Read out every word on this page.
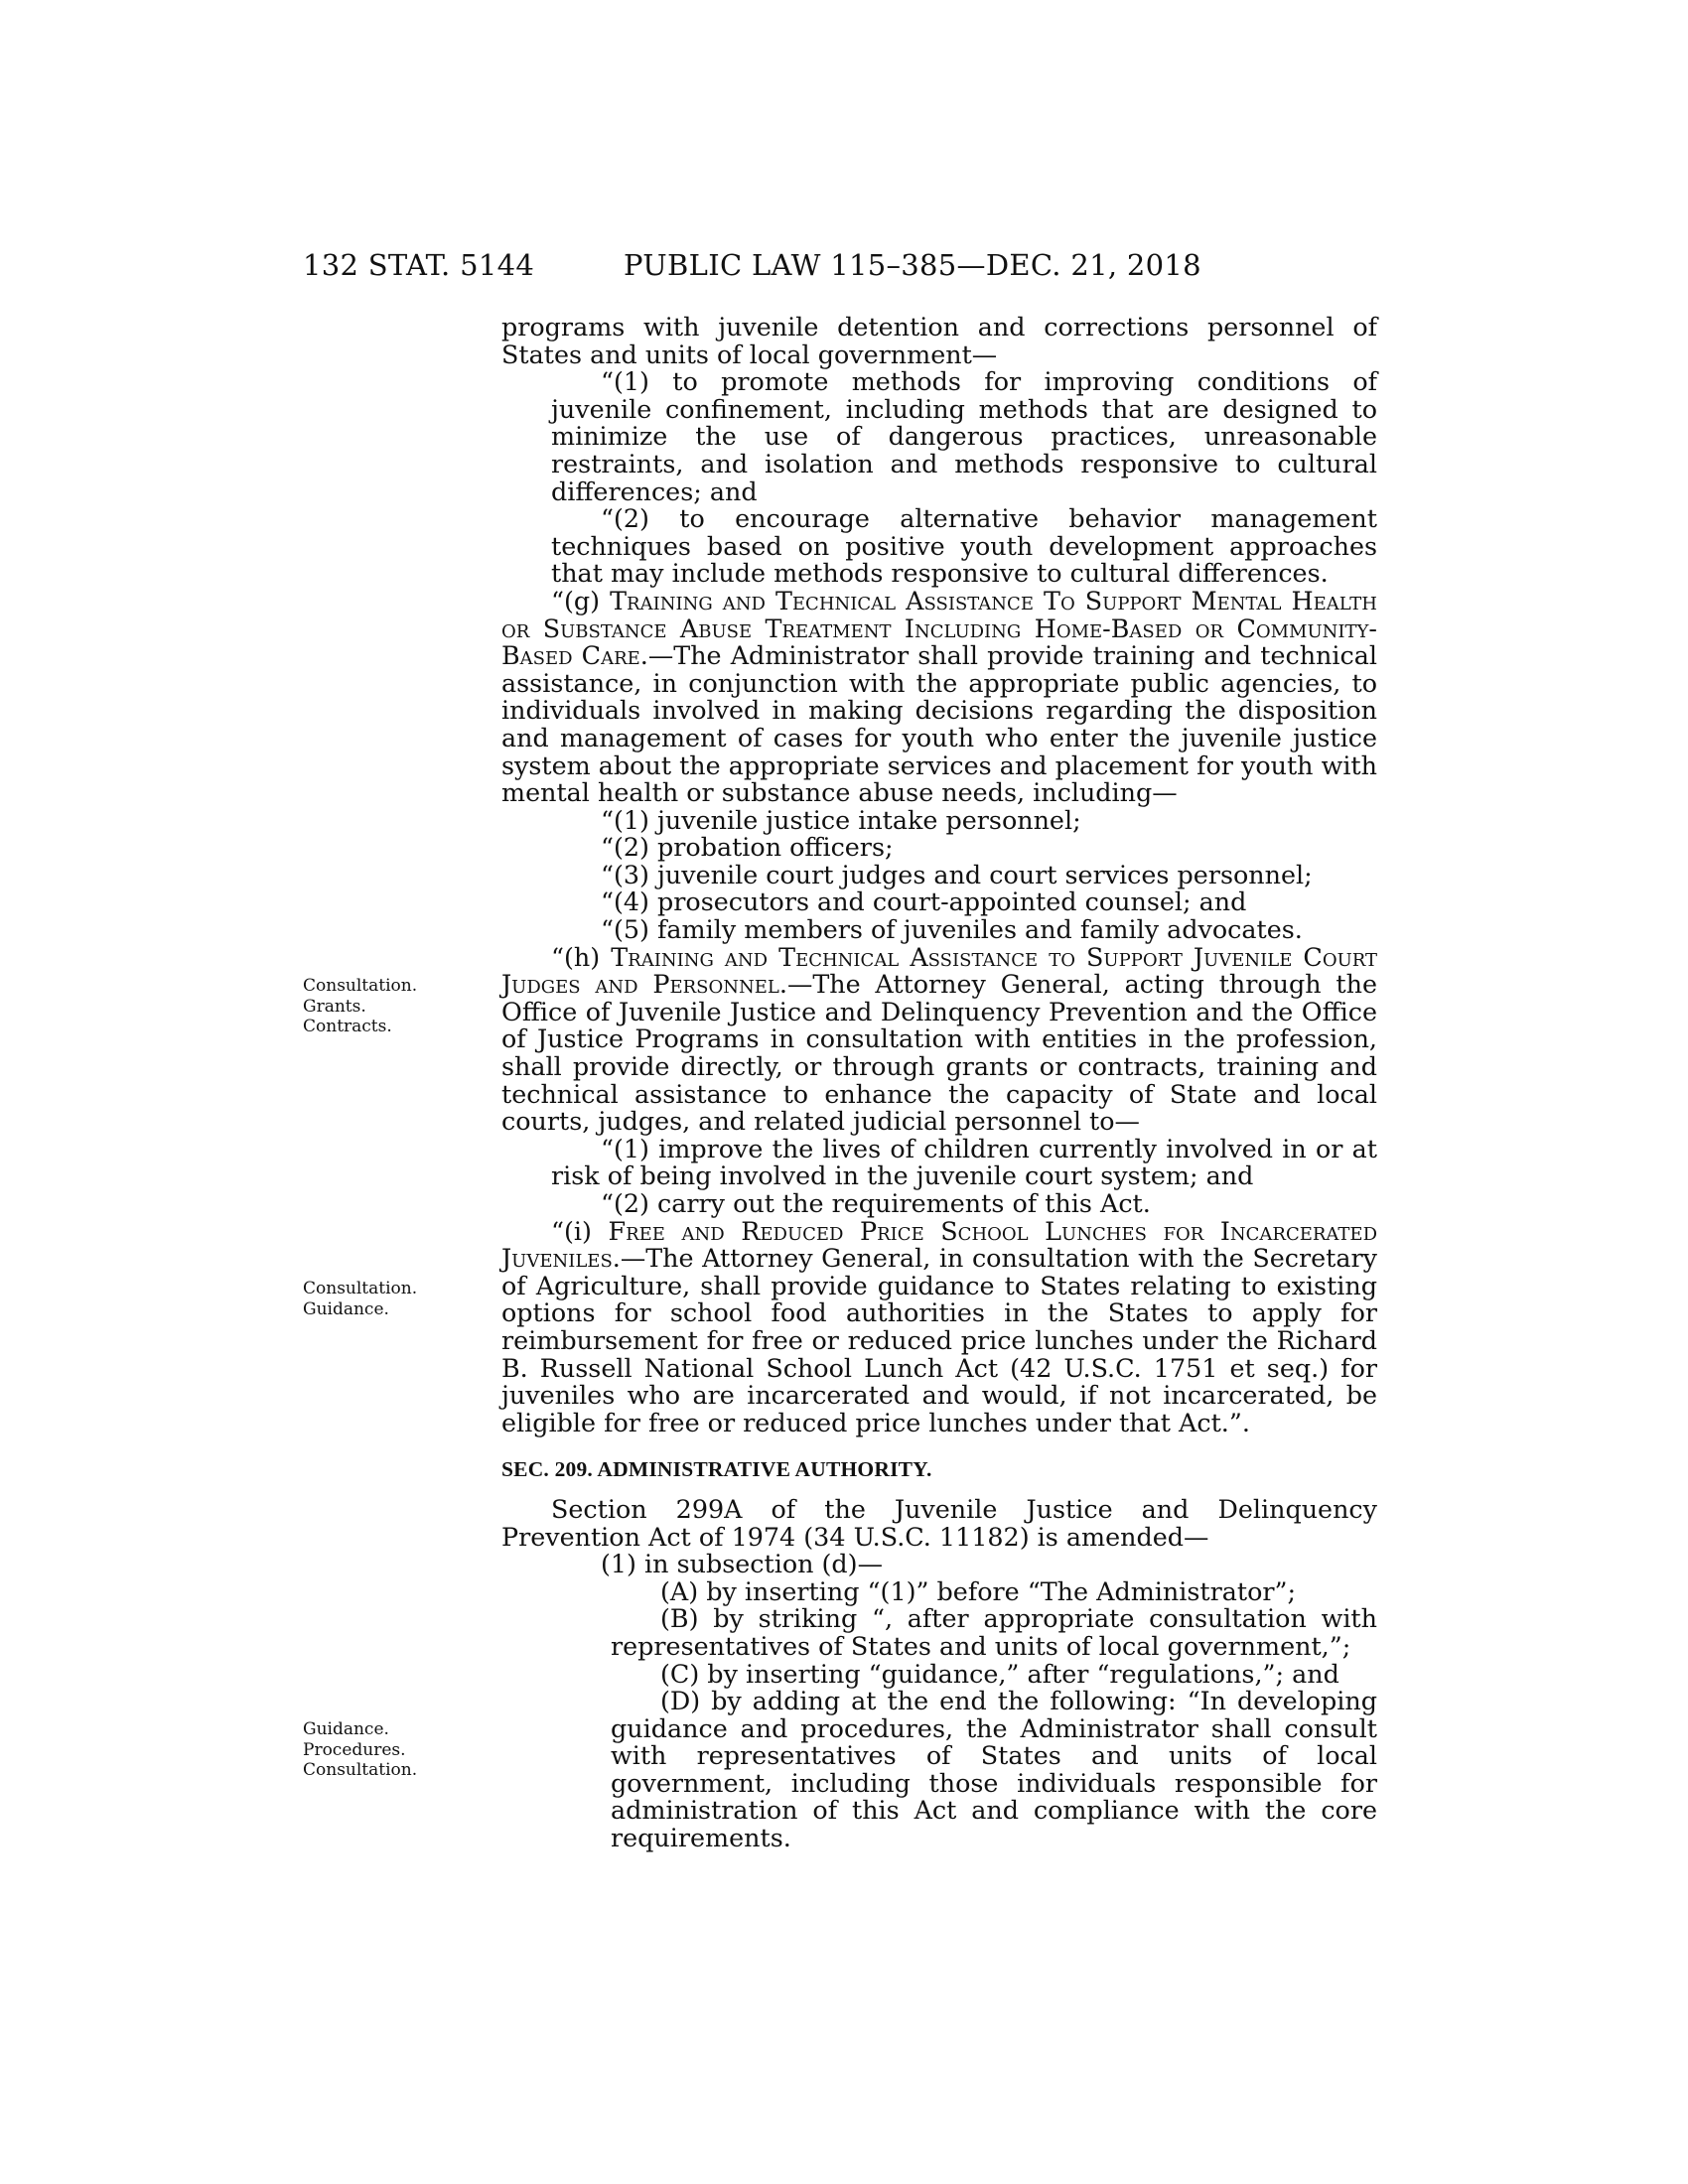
132 STAT. 5144	PUBLIC LAW 115–385—DEC. 21, 2018
Consultation.
Grants.
Contracts.
Consultation.
Guidance.
Guidance.
Procedures.
Consultation.

programs with juvenile detention and corrections personnel of States and units of local government—

“(1) to promote methods for improving conditions of juvenile confinement, including methods that are designed to minimize the use of dangerous practices, unreasonable restraints, and isolation and methods responsive to cultural differences; and

“(2) to encourage alternative behavior management techniques based on positive youth development approaches that may include methods responsive to cultural differences.

“(g) Training and Technical Assistance To Support Mental Health or Substance Abuse Treatment Including Home-Based or Community-Based Care.—The Administrator shall provide training and technical assistance, in conjunction with the appropriate public agencies, to individuals involved in making decisions regarding the disposition and management of cases for youth who enter the juvenile justice system about the appropriate services and placement for youth with mental health or substance abuse needs, including—

“(1) juvenile justice intake personnel;

“(2) probation officers;

“(3) juvenile court judges and court services personnel;

“(4) prosecutors and court-appointed counsel; and

“(5) family members of juveniles and family advocates.

“(h) Training and Technical Assistance to Support Juvenile Court Judges and Personnel.—The Attorney General, acting through the Office of Juvenile Justice and Delinquency Prevention and the Office of Justice Programs in consultation with entities in the profession, shall provide directly, or through grants or contracts, training and technical assistance to enhance the capacity of State and local courts, judges, and related judicial personnel to—

“(1) improve the lives of children currently involved in or at risk of being involved in the juvenile court system; and

“(2) carry out the requirements of this Act.

“(i) Free and Reduced Price School Lunches for Incarcerated Juveniles.—The Attorney General, in consultation with the Secretary of Agriculture, shall provide guidance to States relating to existing options for school food authorities in the States to apply for reimbursement for free or reduced price lunches under the Richard B. Russell National School Lunch Act (42 U.S.C. 1751 et seq.) for juveniles who are incarcerated and would, if not incarcerated, be eligible for free or reduced price lunches under that Act.”.

SEC. 209. ADMINISTRATIVE AUTHORITY.

Section 299A of the Juvenile Justice and Delinquency Prevention Act of 1974 (34 U.S.C. 11182) is amended—

(1) in subsection (d)—

(A) by inserting “(1)” before “The Administrator”;

(B) by striking “, after appropriate consultation with representatives of States and units of local government,”;

(C) by inserting “guidance,” after “regulations,”; and

(D) by adding at the end the following: “In developing guidance and procedures, the Administrator shall consult with representatives of States and units of local government, including those individuals responsible for administration of this Act and compliance with the core requirements.
